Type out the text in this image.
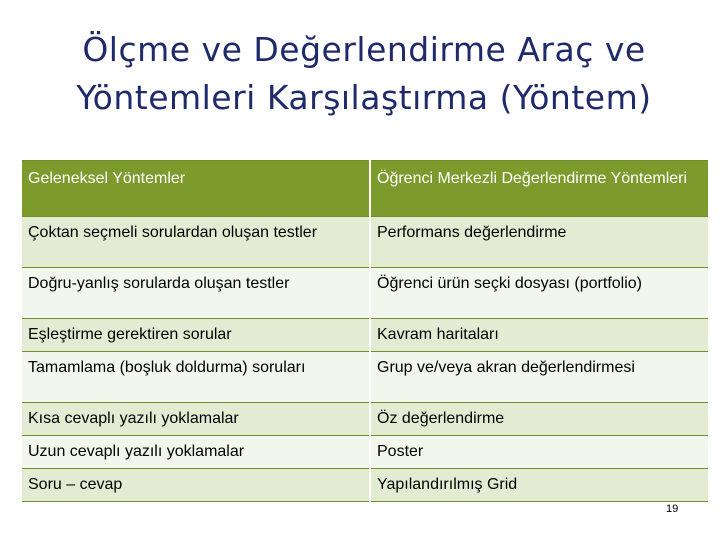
Ölçme ve Değerlendirme Araç ve
Yöntemleri Karşılaştırma (Yöntem)
Geleneksel Yöntemler	Öğrenci Merkezli Değerlendirme Yöntemleri
Çoktan seçmeli sorulardan oluşan testler	Performans değerlendirme
Doğru-yanlış sorularda oluşan testler	Öğrenci ürün seçki dosyası (portfolio)
Eşleştirme gerektiren sorular	Kavram haritaları
Tamamlama (boşluk doldurma) soruları	Grup ve/veya akran değerlendirmesi
Kısa cevaplı yazılı yoklamalar	Öz değerlendirme
Uzun cevaplı yazılı yoklamalar	Poster
Soru – cevap	Yapılandırılmış Grid
19
